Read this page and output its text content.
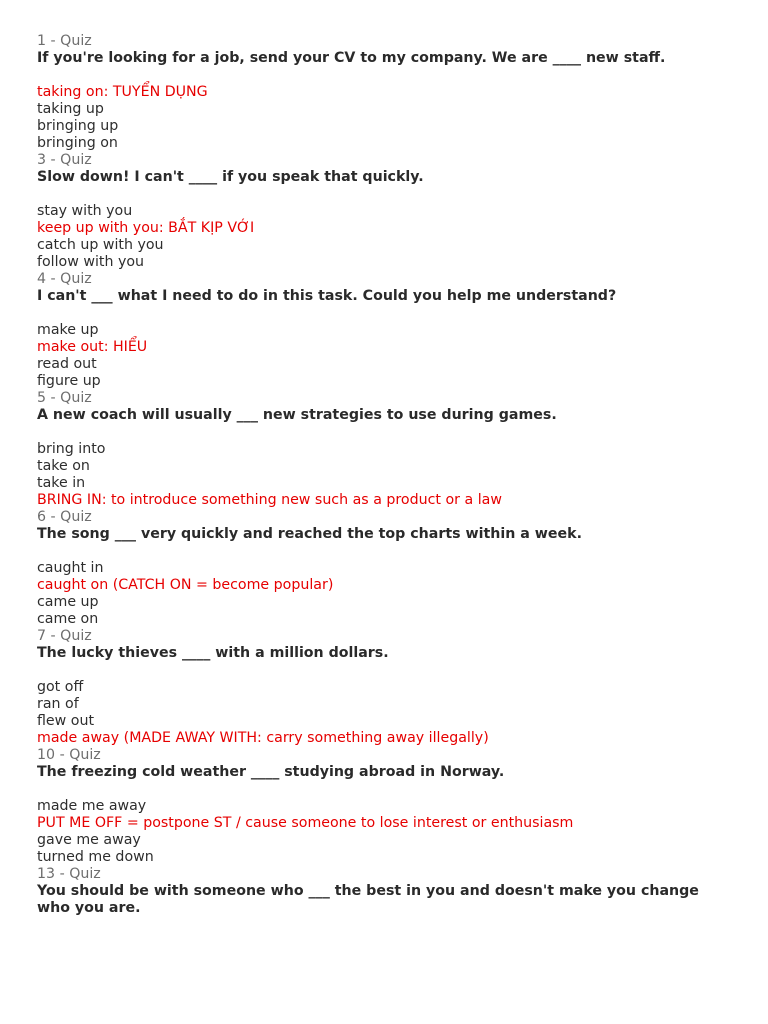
1 - Quiz
If you're looking for a job, send your CV to my company. We are ____ new staff.
taking on: TUYỂN DỤNG
taking up
bringing up
bringing on
3 - Quiz
Slow down! I can't ____ if you speak that quickly.
stay with you
keep up with you: BẮT KỊP VỚI
catch up with you
follow with you
4 - Quiz
I can't ___ what I need to do in this task. Could you help me understand?
make up
make out: HIỂU
read out
figure up
5 - Quiz
A new coach will usually ___ new strategies to use during games.
bring into
take on
take in
BRING IN: to introduce something new such as a product or a law
6 - Quiz
The song ___ very quickly and reached the top charts within a week.
caught in
caught on (CATCH ON = become popular)
came up
came on
7 - Quiz
The lucky thieves ____ with a million dollars.
got off
ran of
flew out
made away (MADE AWAY WITH: carry something away illegally)
10 - Quiz
The freezing cold weather ____ studying abroad in Norway.
made me away
PUT ME OFF = postpone ST / cause someone to lose interest or enthusiasm
gave me away
turned me down
13 - Quiz
You should be with someone who ___ the best in you and doesn't make you change who you are.
